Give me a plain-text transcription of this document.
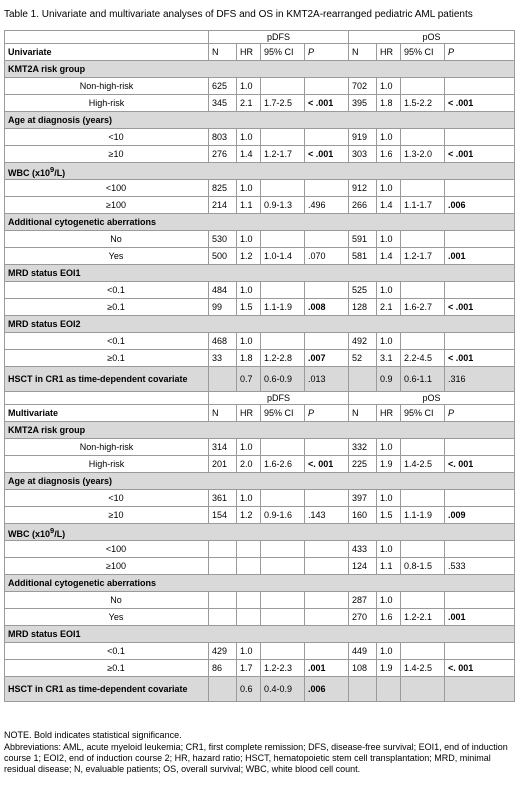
Table 1. Univariate and multivariate analyses of DFS and OS in KMT2A-rearranged pediatric AML patients
	pDFS				pOS			
Univariate	N	HR	95% CI	P	N	HR	95% CI	P
KMT2A risk group								
Non-high-risk	625	1.0			702	1.0		
High-risk	345	2.1	1.7-2.5	< .001	395	1.8	1.5-2.2	< .001
Age at diagnosis (years)								
<10	803	1.0			919	1.0		
≥10	276	1.4	1.2-1.7	< .001	303	1.6	1.3-2.0	< .001
WBC $(x10^9/L)$								
<100	825	1.0			912	1.0		
≥100	214	1.1	0.9-1.3	.496	266	1.4	1.1-1.7	.006
Additional cytogenetic aberrations								
No	530	1.0			591	1.0		
Yes	500	1.2	1.0-1.4	.070	581	1.4	1.2-1.7	.001
MRD status EOI1								
<0.1	484	1.0			525	1.0		
≥0.1	99	1.5	1.1-1.9	.008	128	2.1	1.6-2.7	< .001
MRD status EOI2								
<0.1	468	1.0			492	1.0		
≥0.1	33	1.8	1.2-2.8	.007	52	3.1	2.2-4.5	< .001
HSCT in CR1 as time-dependent covariate		0.7	0.6-0.9	.013		0.9	0.6-1.1	.316
	pDFS				pOS			
Multivariate	N	HR	95% CI	P	N	HR	95% CI	P
KMT2A risk group								
Non-high-risk	314	1.0			332	1.0		
High-risk	201	2.0	1.6-2.6	<. 001	225	1.9	1.4-2.5	<. 001
Age at diagnosis (years)								
<10	361	1.0			397	1.0		
≥10	154	1.2	0.9-1.6	.143	160	1.5	1.1-1.9	.009
WBC $(x10^9/L)$								
<100					433	1.0		
≥100					124	1.1	0.8-1.5	.533
Additional cytogenetic aberrations								
No					287	1.0		
Yes					270	1.6	1.2-2.1	.001
MRD status EOI1								
<0.1	429	1.0			449	1.0		
≥0.1	86	1.7	1.2-2.3	.001	108	1.9	1.4-2.5	<. 001
HSCT in CR1 as time-dependent covariate		0.6	0.4-0.9	.006				
NOTE. Bold indicates statistical significance.
Abbreviations: AML, acute myeloid leukemia; CR1, first complete remission; DFS, disease-free survival; EOI1, end of induction course 1; EOI2, end of induction course 2; HR, hazard ratio; HSCT, hematopoietic stem cell transplantation; MRD, minimal residual disease; N, evaluable patients; OS, overall survival; WBC, white blood cell count.
